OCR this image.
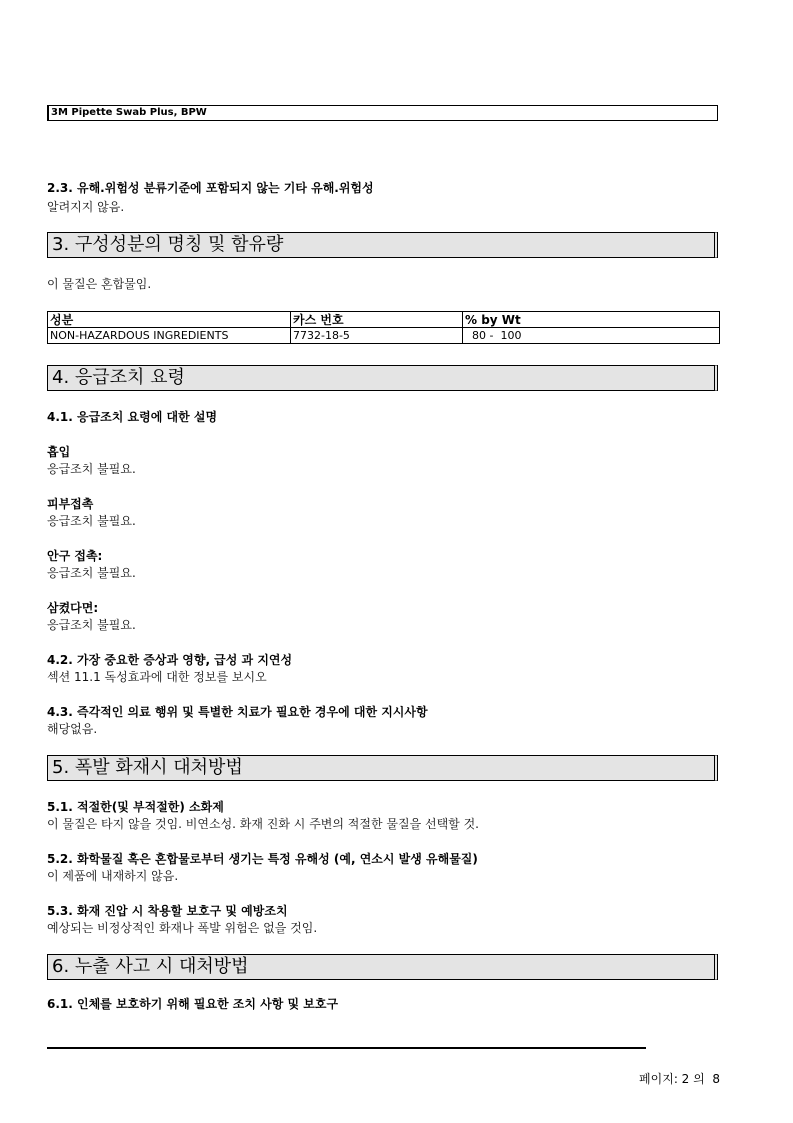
3M Pipette Swab Plus, BPW
2.3. 유해.위험성 분류기준에 포함되지 않는 기타 유해.위험성
알려지지 않음.
3. 구성성분의 명칭 및 함유량
이 물질은 혼합물임.
성분	카스 번호	% by Wt
NON-HAZARDOUS INGREDIENTS	7732-18-5	80 -  100
4. 응급조치 요령
4.1. 응급조치 요령에 대한 설명
흡입
응급조치 불필요.
피부접촉
응급조치 불필요.
안구 접촉:
응급조치 불필요.
삼켰다면:
응급조치 불필요.
4.2. 가장 중요한 증상과 영향, 급성 과 지연성
섹션 11.1 독성효과에 대한 정보를 보시오
4.3. 즉각적인 의료 행위 및 특별한 치료가 필요한 경우에 대한 지시사항
해당없음.
5. 폭발 화재시 대처방법
5.1. 적절한(및 부적절한) 소화제
이 물질은 타지 않을 것임. 비연소성. 화재 진화 시 주변의 적절한 물질을 선택할 것.
5.2. 화학물질 혹은 혼합물로부터 생기는 특정 유해성 (예, 연소시 발생 유해물질)
이 제품에 내재하지 않음.
5.3. 화재 진압 시 착용할 보호구 및 예방조치
예상되는 비정상적인 화재나 폭발 위험은 없을 것임.
6. 누출 사고 시 대처방법
6.1. 인체를 보호하기 위해 필요한 조치 사항 및 보호구
페이지: 2 의  8
